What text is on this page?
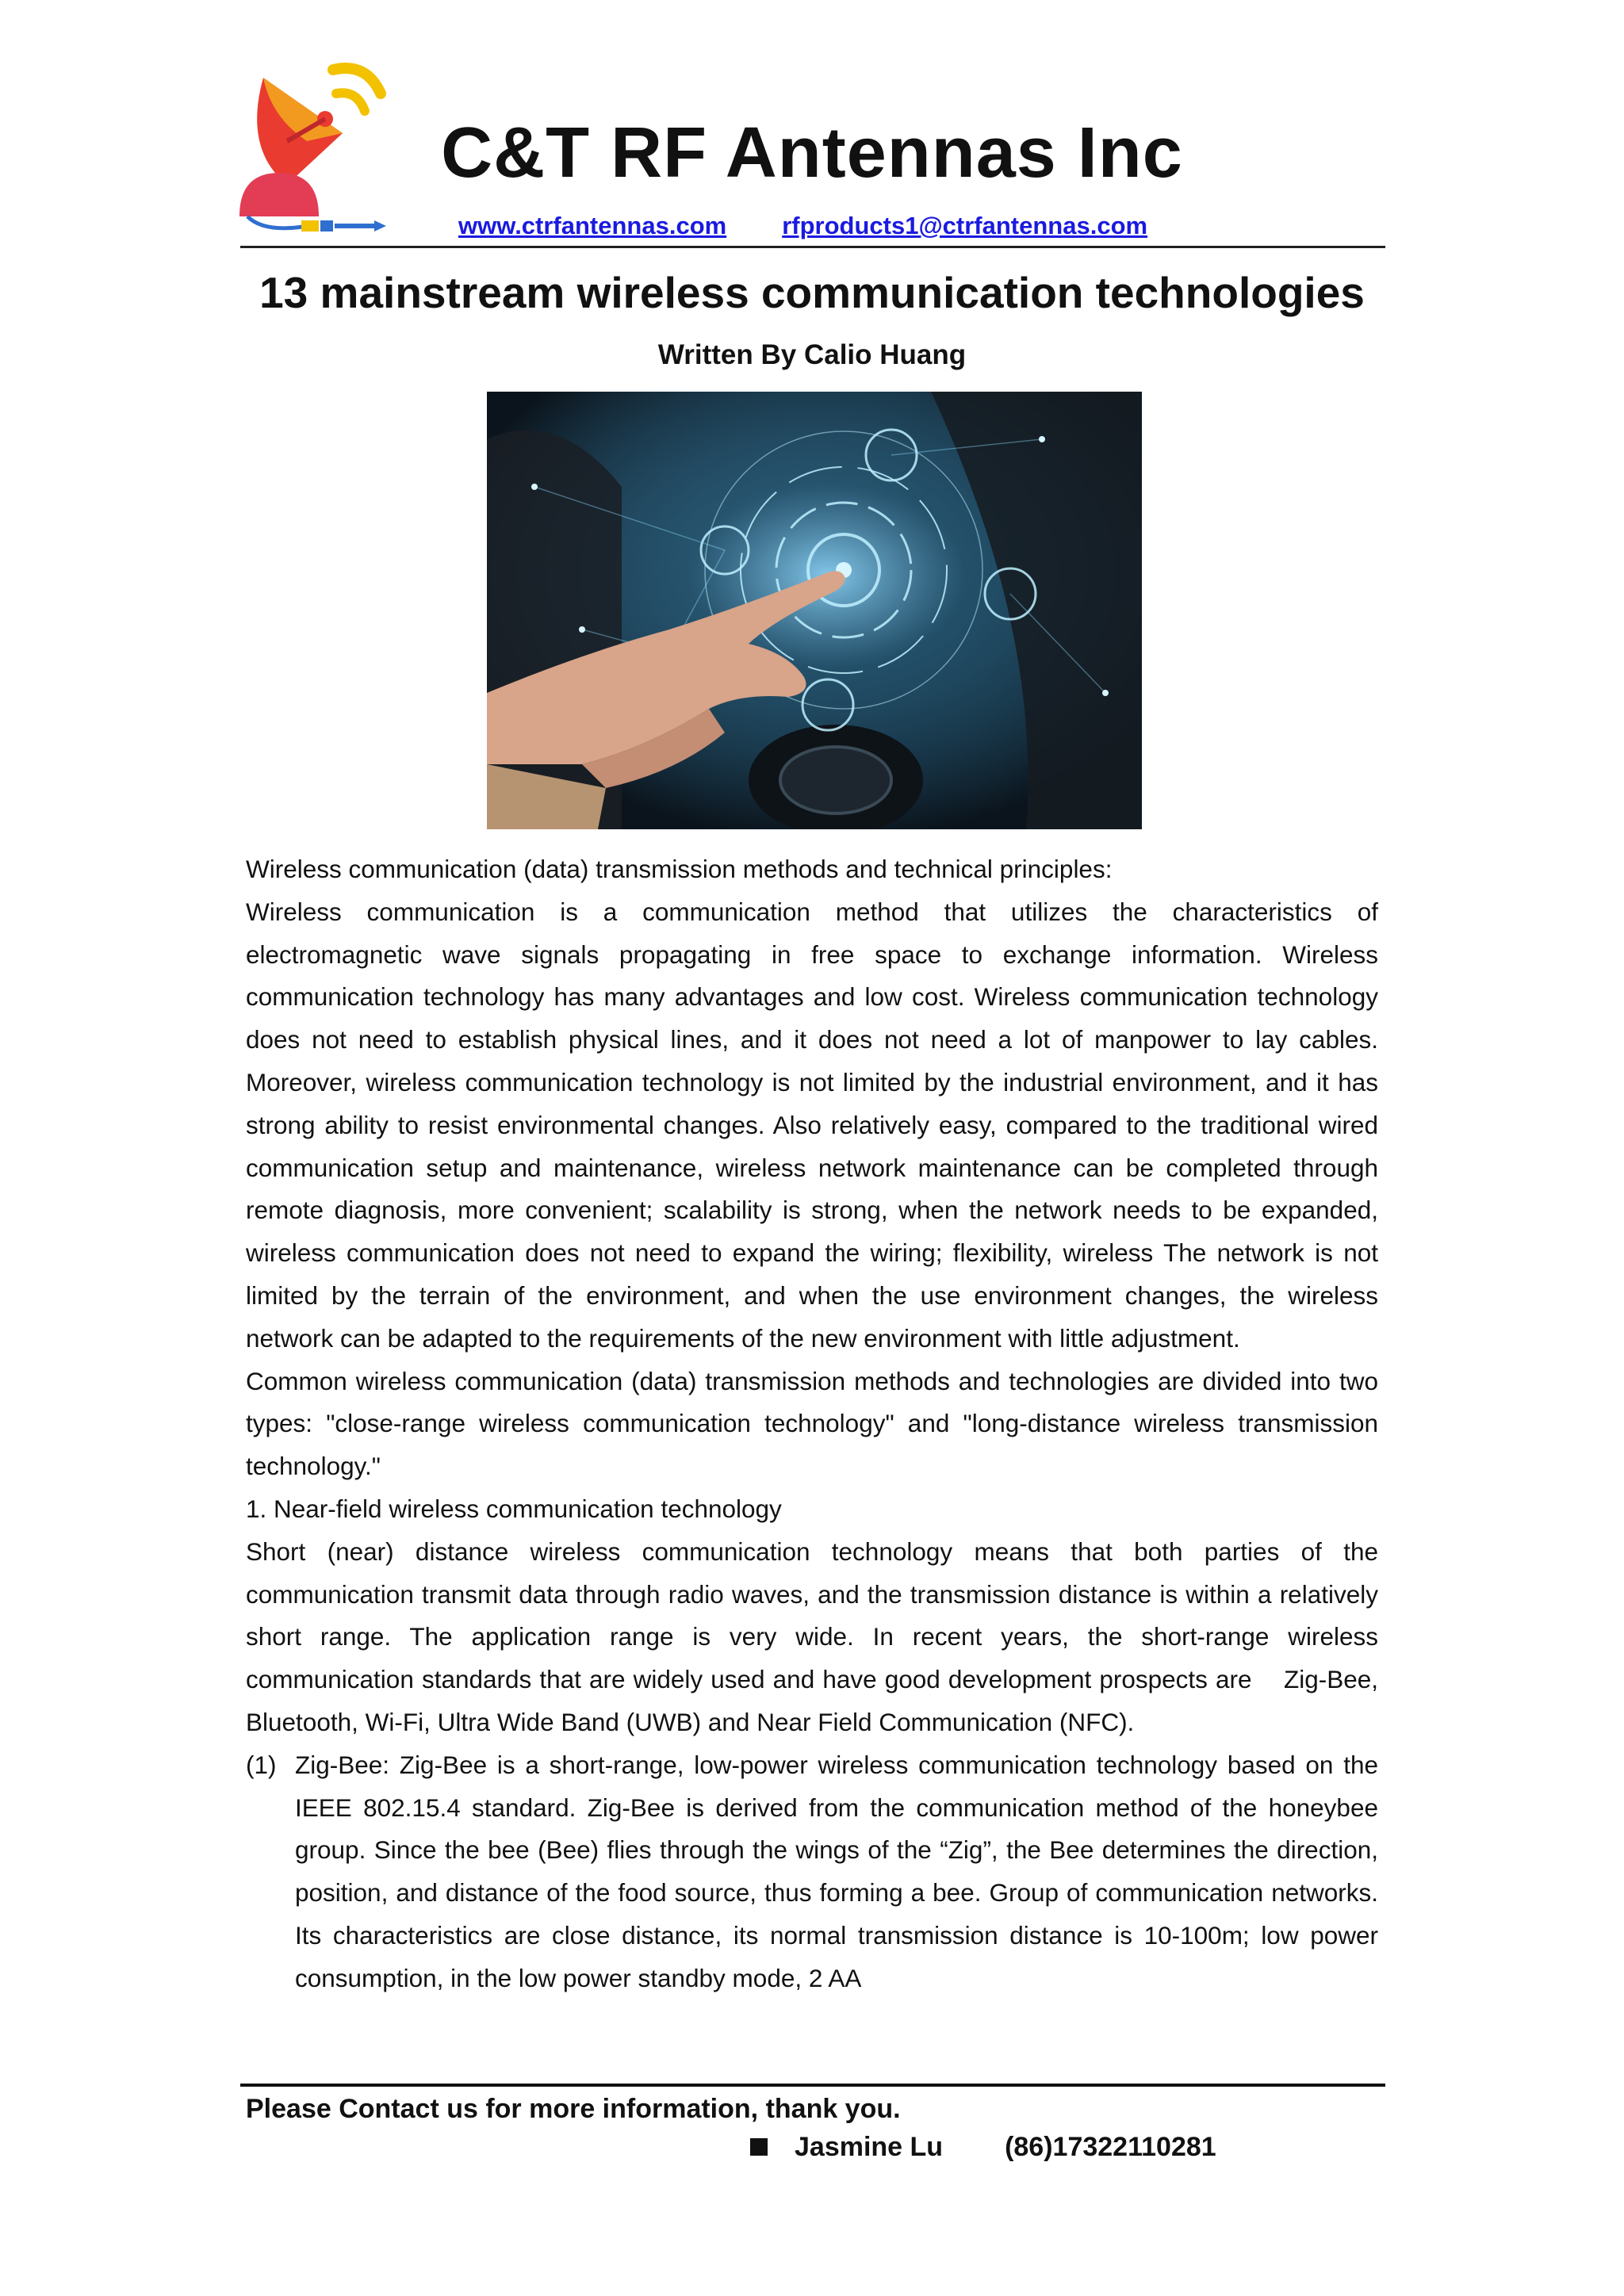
C&T RF Antennas Inc
www.ctrfantennas.com rfproducts1@ctrfantennas.com
13 mainstream wireless communication technologies
Written By Calio Huang

Wireless communication (data) transmission methods and technical principles:

Wireless communication is a communication method that utilizes the characteristics of electromagnetic wave signals propagating in free space to exchange information. Wireless communication technology has many advantages and low cost. Wireless communication technology does not need to establish physical lines, and it does not need a lot of manpower to lay cables. Moreover, wireless communication technology is not limited by the industrial environment, and it has strong ability to resist environmental changes. Also relatively easy, compared to the traditional wired communication setup and maintenance, wireless network maintenance can be completed through remote diagnosis, more convenient; scalability is strong, when the network needs to be expanded, wireless communication does not need to expand the wiring; flexibility, wireless The network is not limited by the terrain of the environment, and when the use environment changes, the wireless network can be adapted to the requirements of the new environment with little adjustment.

Common wireless communication (data) transmission methods and technologies are divided into two types: "close-range wireless communication technology" and "long-distance wireless transmission technology."

1. Near-field wireless communication technology

Short (near) distance wireless communication technology means that both parties of the communication transmit data through radio waves, and the transmission distance is within a relatively short range. The application range is very wide. In recent years, the short-range wireless communication standards that are widely used and have good development prospects are    Zig-Bee, Bluetooth, Wi-Fi, Ultra Wide Band (UWB) and Near Field Communication (NFC).

(1) Zig-Bee: Zig-Bee is a short-range, low-power wireless communication technology based on the IEEE 802.15.4 standard. Zig-Bee is derived from the communication method of the honeybee group. Since the bee (Bee) flies through the wings of the “Zig”, the Bee determines the direction, position, and distance of the food source, thus forming a bee. Group of communication networks. Its characteristics are close distance, its normal transmission distance is 10-100m; low power consumption, in the low power standby mode, 2 AA
Please Contact us for more information, thank you.
Jasmine Lu (86)17322110281
